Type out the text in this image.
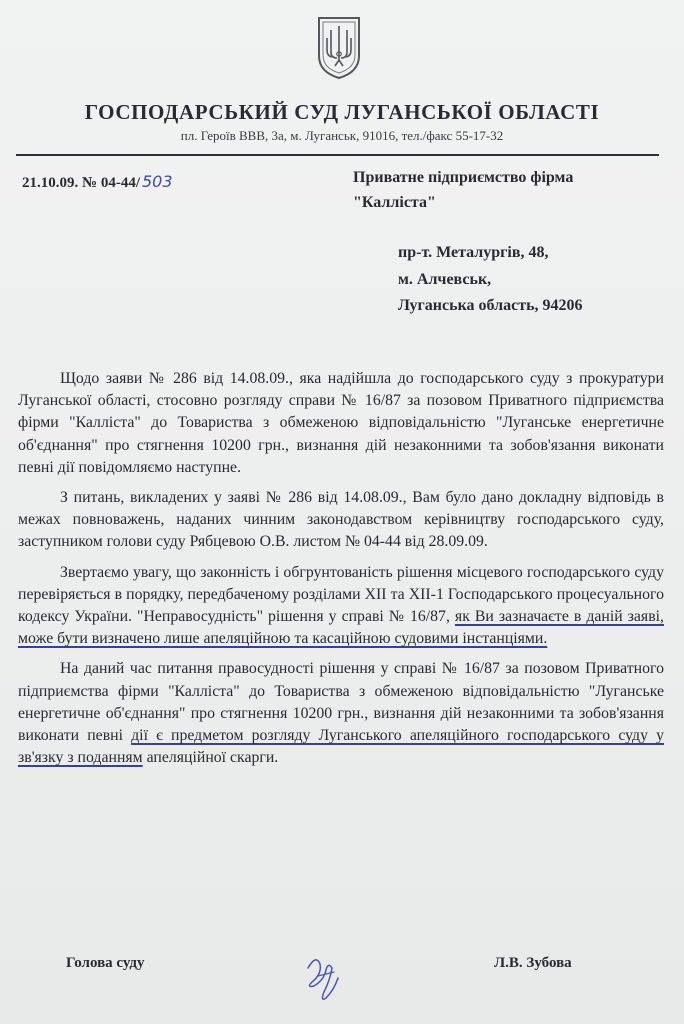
ГОСПОДАРСЬКИЙ СУД ЛУГАНСЬКОЇ ОБЛАСТІ
пл. Героїв ВВВ, 3а, м. Луганськ, 91016, тел./факс 55-17-32
21.10.09. № 04-44/ 503	Приватне підприємство фірма
"Калліста"
пр-т. Металургів, 48,
м. Алчевськ,
Луганська область, 94206

Щодо заяви № 286 від 14.08.09., яка надійшла до господарського суду з прокуратури Луганської області, стосовно розгляду справи № 16/87 за позовом Приватного підприємства фірми "Калліста" до Товариства з обмеженою відповідальністю "Луганське енергетичне об'єднання" про стягнення 10200 грн., визнання дій незаконними та зобов'язання виконати певні дії повідомляємо наступне.

З питань, викладених у заяві № 286 від 14.08.09., Вам було дано докладну відповідь в межах повноважень, наданих чинним законодавством керівництву господарського суду, заступником голови суду Рябцевою О.В. листом № 04-44 від 28.09.09.

Звертаємо увагу, що законність і обгрунтованість рішення місцевого господарського суду перевіряється в порядку, передбаченому розділами XII та XII-1 Господарського процесуального кодексу України. "Неправосудність" рішення у справі № 16/87, як Ви зазначаєте в даній заяві, може бути визначено лише апеляційною та касаційною судовими інстанціями.

На даний час питання правосудності рішення у справі № 16/87 за позовом Приватного підприємства фірми "Калліста" до Товариства з обмеженою відповідальністю "Луганське енергетичне об'єднання" про стягнення 10200 грн., визнання дій незаконними та зобов'язання виконати певні дії є предметом розгляду Луганського апеляційного господарського суду у зв'язку з поданням апеляційної скарги.

Голова суду	Л.В. Зубова
